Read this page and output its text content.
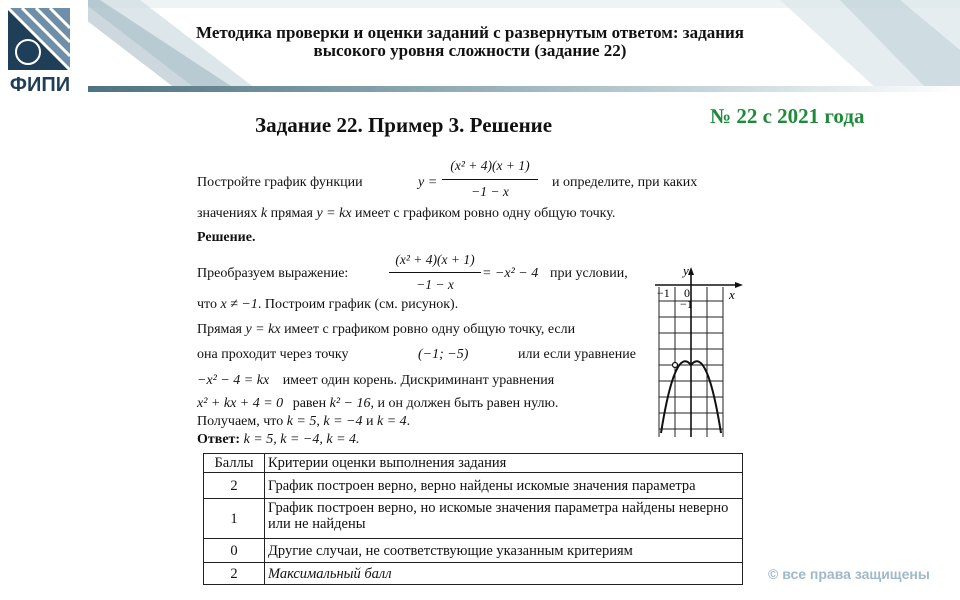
ФИПИ
Методика проверки и оценки заданий с развернутым ответом: задания
высокого уровня сложности (задание 22)
Задание 22. Пример 3. Решение	№ 22 с 2021 года
Постройте график функции	y =
(x² + 4)(x + 1)
−1 − x
и определите, при каких
значениях k прямая y = kx имеет с графиком ровно одну общую точку.
Решение.
Преобразуем выражение:
(x² + 4)(x + 1)
−1 − x
= −x² − 4 при условии,
что x ≠ −1. Построим график (см. рисунок).
Прямая y = kx имеет с графиком ровно одну общую точку, если
она проходит через точку	(−1; −5)	или если уравнение
−x² − 4 = kx имеет один корень. Дискриминант уравнения
x² + kx + 4 = 0 равен k² − 16, и он должен быть равен нулю.
Получаем, что k = 5, k = −4 и k = 4.
Ответ: k = 5, k = −4, k = 4.
y
x
−1 0
−1
Баллы	Критерии оценки выполнения задания
2	График построен верно, верно найдены искомые значения параметра
1	График построен верно, но искомые значения параметра найдены неверно или не найдены
0	Другие случаи, не соответствующие указанным критериям
2	Максимальный балл	© все права защищены
